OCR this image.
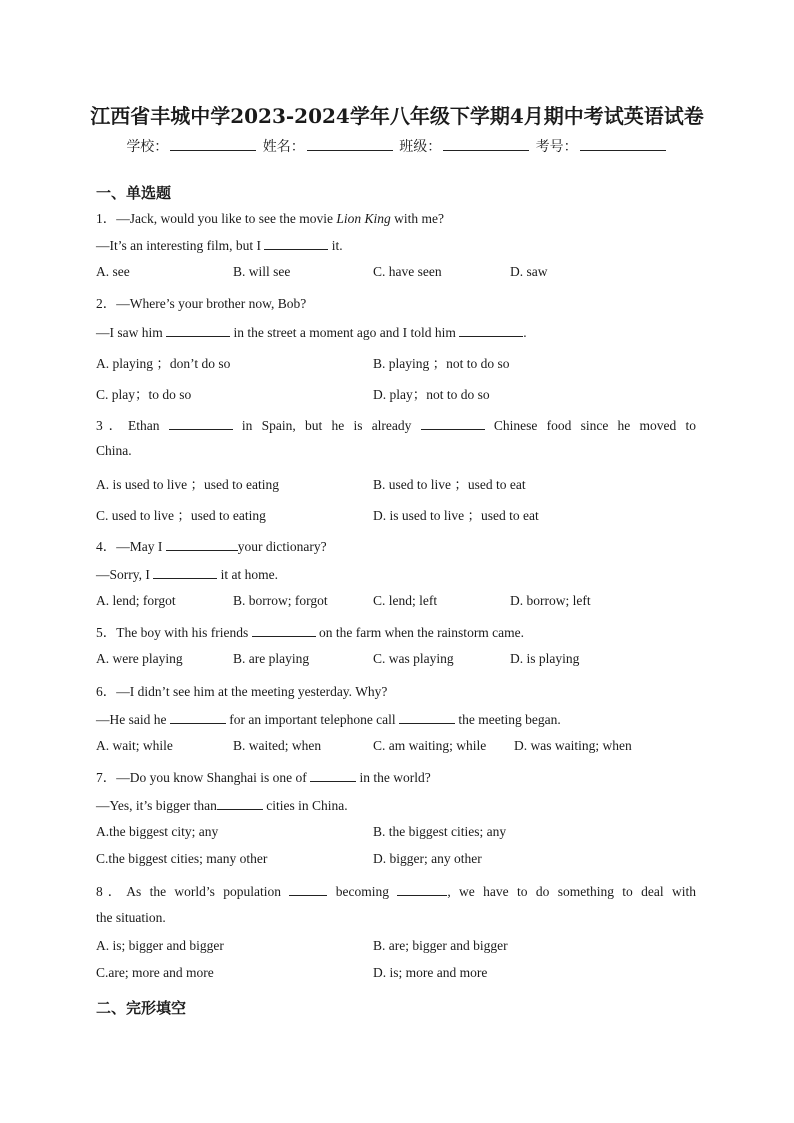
江西省丰城中学2023-2024学年八年级下学期4月期中考试英语试卷
学校：	姓名：	班级：	考号：
一、单选题
1．—Jack, would you like to see the movie Lion King with me?
—It’s an interesting film, but I	it.
A. see	B. will see	C. have seen	D. saw
2．—Where’s your brother now, Bob?
—I saw him	in the street a moment ago and I told him	.
A. playing ；don’t do so	B. playing ；not to do so
C. play；to do so	D. play；not to do so
3．Ethan	in Spain, but he is already	Chinese food since he moved to
China.
A. is used to live ；used to eating	B. used to live ；used to eat
C. used to live ；used to eating	D. is used to live ；used to eat
4．—May I	your dictionary?
—Sorry, I	it at home.
A. lend; forgot	B. borrow; forgot	C. lend; left	D. borrow; left
5．The boy with his friends	on the farm when the rainstorm came.
A. were playing	B. are playing	C. was playing	D. is playing
6．—I didn’t see him at the meeting yesterday. Why?
—He said he	for an important telephone call	the meeting began.
A. wait; while	B. waited; when	C. am waiting; while D. was waiting; when
7．—Do you know Shanghai is one of	in the world?
—Yes, it’s bigger than	cities in China.
A.the biggest city; any	B. the biggest cities; any
C.the biggest cities; many other	D. bigger; any other
8．As the world’s population	becoming	, we have to do something to deal with
the situation.
A. is; bigger and bigger	B. are; bigger and bigger
C.are; more and more	D. is; more and more
二、完形填空
